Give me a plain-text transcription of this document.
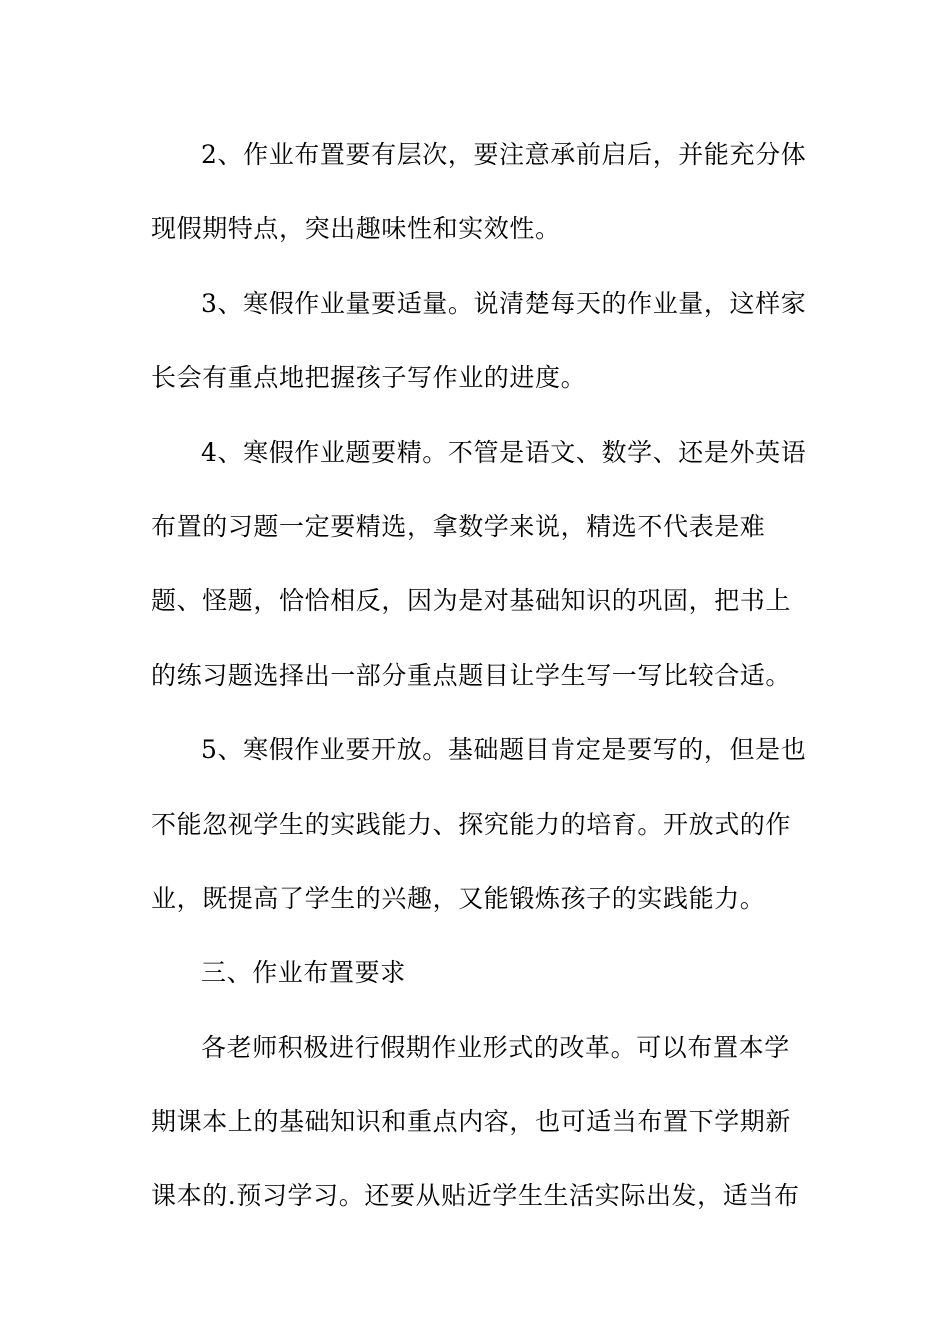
2、作业布置要有层次，要注意承前启后，并能充分体
现假期特点，突出趣味性和实效性。
3、寒假作业量要适量。说清楚每天的作业量，这样家
长会有重点地把握孩子写作业的进度。
4、寒假作业题要精。不管是语文、数学、还是外英语
布置的习题一定要精选，拿数学来说，精选不代表是难
题、怪题，恰恰相反，因为是对基础知识的巩固，把书上
的练习题选择出一部分重点题目让学生写一写比较合适。
5、寒假作业要开放。基础题目肯定是要写的，但是也
不能忽视学生的实践能力、探究能力的培育。开放式的作
业，既提高了学生的兴趣，又能锻炼孩子的实践能力。
三、作业布置要求
各老师积极进行假期作业形式的改革。可以布置本学
期课本上的基础知识和重点内容，也可适当布置下学期新
课本的.预习学习。还要从贴近学生生活实际出发，适当布
